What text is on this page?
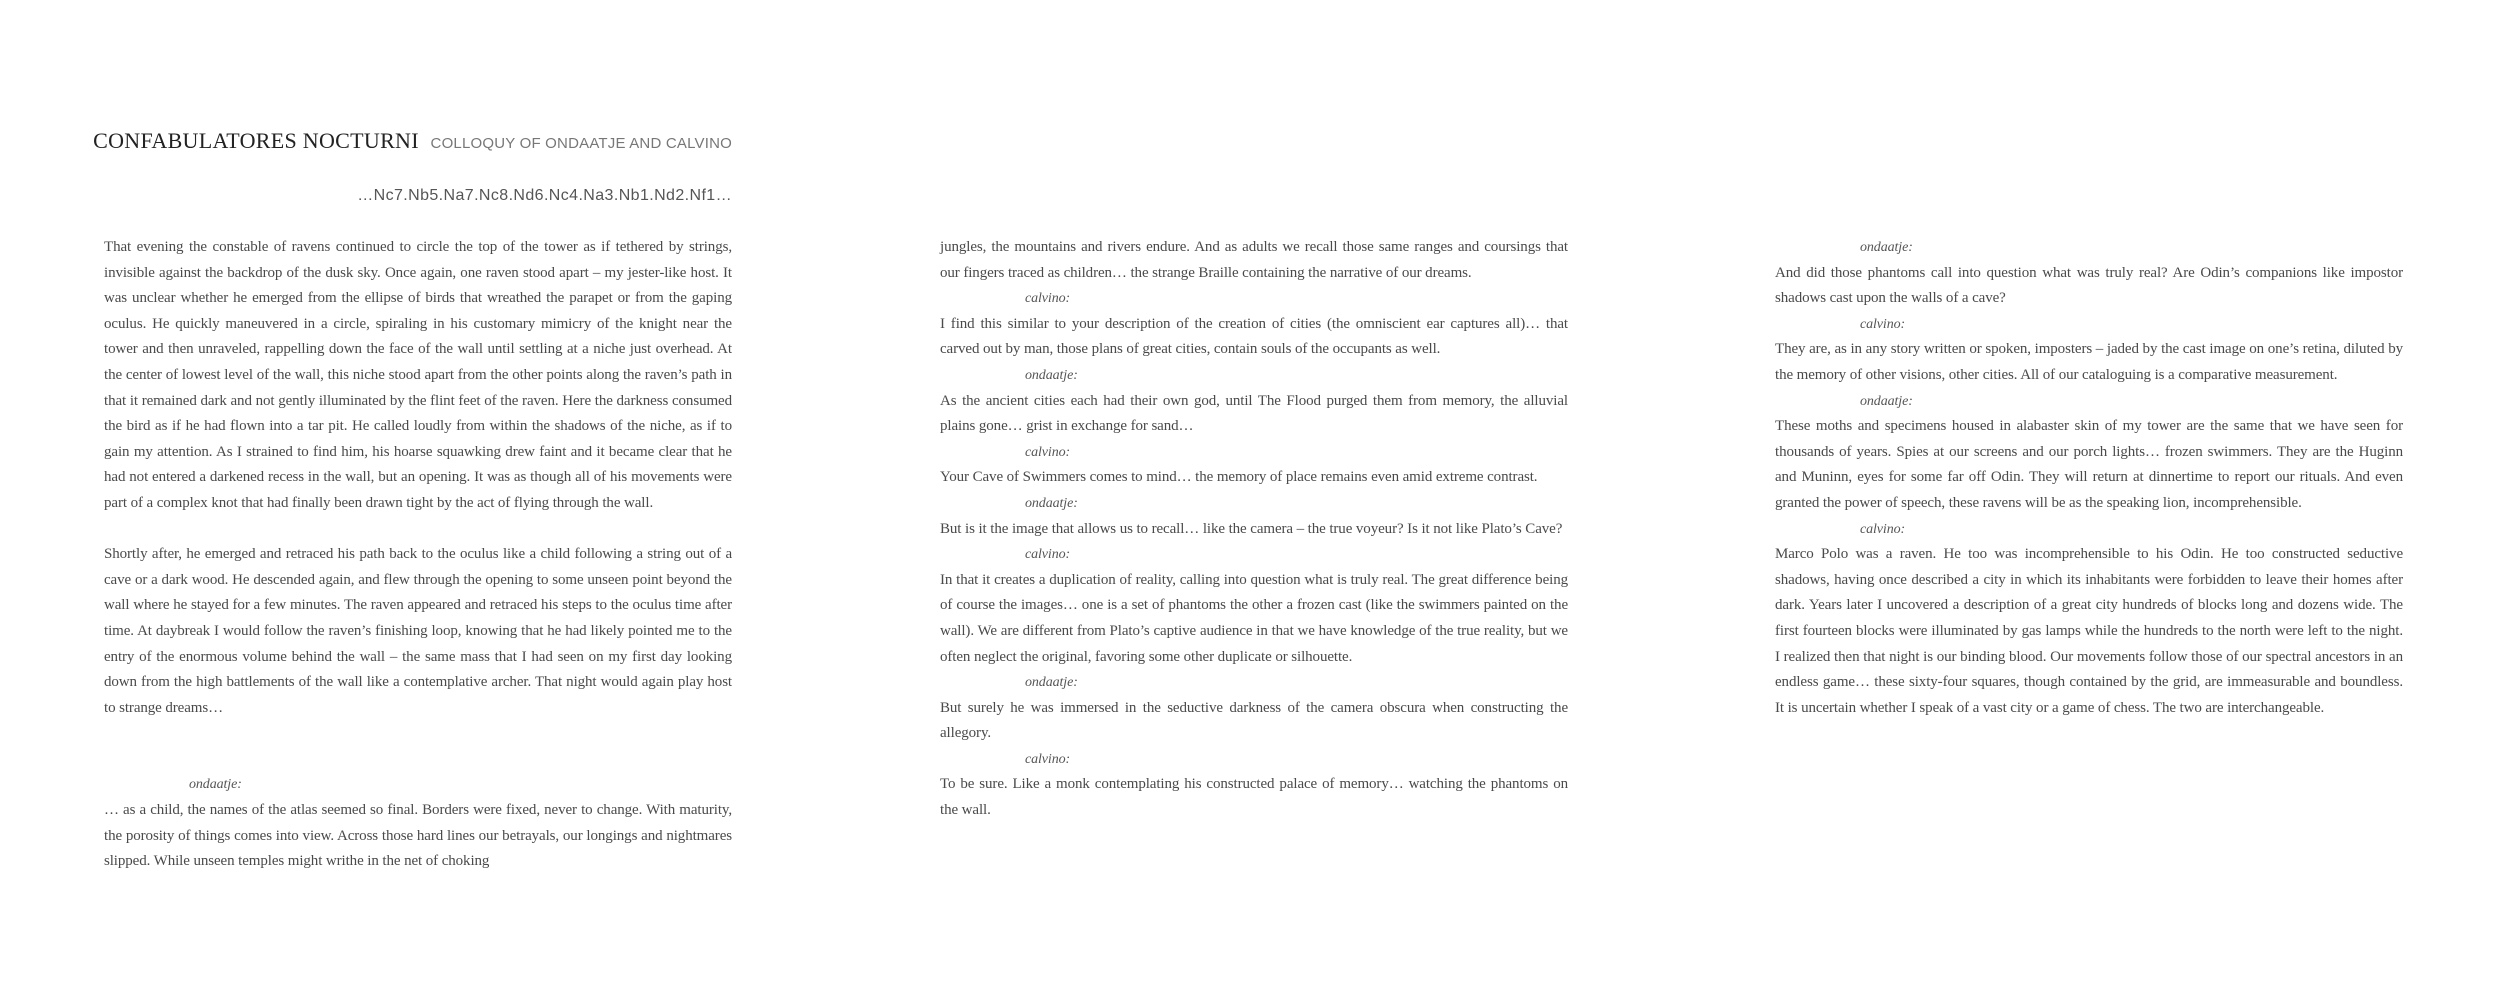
CONFABULATORES NOCTURNI COLLOQUY OF ONDAATJE AND CALVINO
…Nc7.Nb5.Na7.Nc8.Nd6.Nc4.Na3.Nb1.Nd2.Nf1…

That evening the constable of ravens continued to circle the top of the tower as if tethered by strings, invisible against the backdrop of the dusk sky. Once again, one raven stood apart – my jester-like host. It was unclear whether he emerged from the ellipse of birds that wreathed the parapet or from the gaping oculus. He quickly maneuvered in a circle, spiraling in his customary mimicry of the knight near the tower and then unraveled, rappelling down the face of the wall until settling at a niche just overhead. At the center of lowest level of the wall, this niche stood apart from the other points along the raven’s path in that it remained dark and not gently illuminated by the flint feet of the raven. Here the darkness consumed the bird as if he had flown into a tar pit. He called loudly from within the shadows of the niche, as if to gain my attention. As I strained to find him, his hoarse squawking drew faint and it became clear that he had not entered a darkened recess in the wall, but an opening. It was as though all of his movements were part of a complex knot that had finally been drawn tight by the act of flying through the wall.

Shortly after, he emerged and retraced his path back to the oculus like a child following a string out of a cave or a dark wood. He descended again, and flew through the opening to some unseen point beyond the wall where he stayed for a few minutes. The raven appeared and retraced his steps to the oculus time after time. At daybreak I would follow the raven’s finishing loop, knowing that he had likely pointed me to the entry of the enormous volume behind the wall – the same mass that I had seen on my first day looking down from the high battlements of the wall like a contemplative archer. That night would again play host to strange dreams…

ondaatje:

… as a child, the names of the atlas seemed so final. Borders were fixed, never to change. With maturity, the porosity of things comes into view. Across those hard lines our betrayals, our longings and nightmares slipped. While unseen temples might writhe in the net of choking

jungles, the mountains and rivers endure. And as adults we recall those same ranges and coursings that our fingers traced as children… the strange Braille containing the narrative of our dreams.

calvino:

I find this similar to your description of the creation of cities (the omniscient ear captures all)… that carved out by man, those plans of great cities, contain souls of the occupants as well.

ondaatje:

As the ancient cities each had their own god, until The Flood purged them from memory, the alluvial plains gone… grist in exchange for sand…

calvino:

Your Cave of Swimmers comes to mind… the memory of place remains even amid extreme contrast.

ondaatje:

But is it the image that allows us to recall… like the camera – the true voyeur? Is it not like Plato’s Cave?

calvino:

In that it creates a duplication of reality, calling into question what is truly real. The great difference being of course the images… one is a set of phantoms the other a frozen cast (like the swimmers painted on the wall). We are different from Plato’s captive audience in that we have knowledge of the true reality, but we often neglect the original, favoring some other duplicate or silhouette.

ondaatje:

But surely he was immersed in the seductive darkness of the camera obscura when constructing the allegory.

calvino:

To be sure. Like a monk contemplating his constructed palace of memory… watching the phantoms on the wall.

ondaatje:

And did those phantoms call into question what was truly real? Are Odin’s companions like impostor shadows cast upon the walls of a cave?

calvino:

They are, as in any story written or spoken, imposters – jaded by the cast image on one’s retina, diluted by the memory of other visions, other cities. All of our cataloguing is a comparative measurement.

ondaatje:

These moths and specimens housed in alabaster skin of my tower are the same that we have seen for thousands of years. Spies at our screens and our porch lights… frozen swimmers. They are the Huginn and Muninn, eyes for some far off Odin. They will return at dinnertime to report our rituals. And even granted the power of speech, these ravens will be as the speaking lion, incomprehensible.

calvino:

Marco Polo was a raven. He too was incomprehensible to his Odin. He too constructed seductive shadows, having once described a city in which its inhabitants were forbidden to leave their homes after dark. Years later I uncovered a description of a great city hundreds of blocks long and dozens wide. The first fourteen blocks were illuminated by gas lamps while the hundreds to the north were left to the night. I realized then that night is our binding blood. Our movements follow those of our spectral ancestors in an endless game… these sixty-four squares, though contained by the grid, are immeasurable and boundless. It is uncertain whether I speak of a vast city or a game of chess. The two are interchangeable.
